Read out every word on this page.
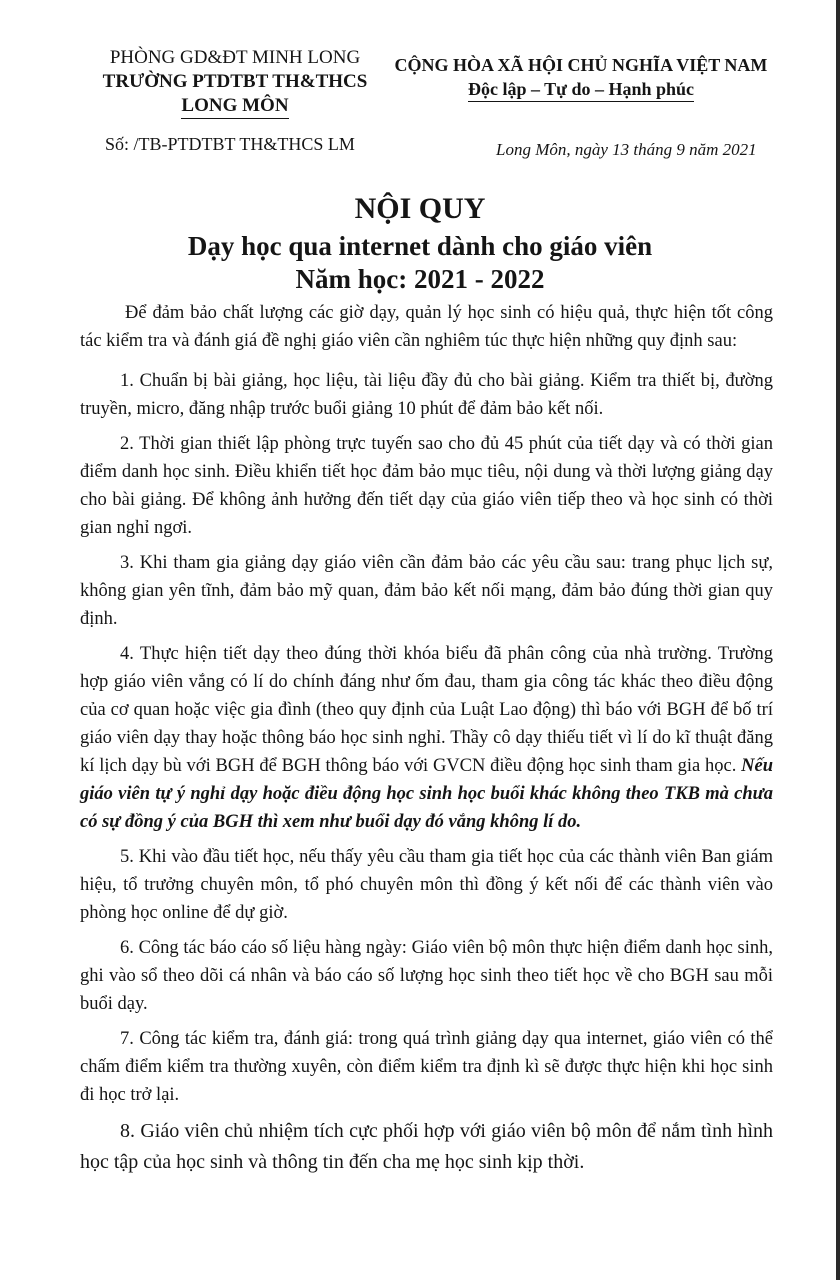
PHÒNG GD&ĐT MINH LONG
TRƯỜNG PTDTBT TH&THCS
LONG MÔN
CỘNG HÒA XÃ HỘI CHỦ NGHĨA VIỆT NAM
Độc lập – Tự do – Hạnh phúc
Số: /TB-PTDTBT TH&THCS LM	Long Môn, ngày 13 tháng 9 năm 2021
NỘI QUY
Dạy học qua internet dành cho giáo viên
Năm học: 2021 - 2022

Để đảm bảo chất lượng các giờ dạy, quản lý học sinh có hiệu quả, thực hiện tốt công tác kiểm tra và đánh giá đề nghị giáo viên cần nghiêm túc thực hiện những quy định sau:

1. Chuẩn bị bài giảng, học liệu, tài liệu đầy đủ cho bài giảng. Kiểm tra thiết bị, đường truyền, micro, đăng nhập trước buổi giảng 10 phút để đảm bảo kết nối.

2. Thời gian thiết lập phòng trực tuyến sao cho đủ 45 phút của tiết dạy và có thời gian điểm danh học sinh. Điều khiển tiết học đảm bảo mục tiêu, nội dung và thời lượng giảng dạy cho bài giảng. Để không ảnh hưởng đến tiết dạy của giáo viên tiếp theo và học sinh có thời gian nghỉ ngơi.

3. Khi tham gia giảng dạy giáo viên cần đảm bảo các yêu cầu sau: trang phục lịch sự, không gian yên tĩnh, đảm bảo mỹ quan, đảm bảo kết nối mạng, đảm bảo đúng thời gian quy định.

4. Thực hiện tiết dạy theo đúng thời khóa biểu đã phân công của nhà trường. Trường hợp giáo viên vắng có lí do chính đáng như ốm đau, tham gia công tác khác theo điều động của cơ quan hoặc việc gia đình (theo quy định của Luật Lao động) thì báo với BGH để bố trí giáo viên dạy thay hoặc thông báo học sinh nghỉ. Thầy cô dạy thiếu tiết vì lí do kĩ thuật đăng kí lịch dạy bù với BGH để BGH thông báo với GVCN điều động học sinh tham gia học. Nếu giáo viên tự ý nghỉ dạy hoặc điều động học sinh học buổi khác không theo TKB mà chưa có sự đồng ý của BGH thì xem như buổi dạy đó vắng không lí do.

5. Khi vào đầu tiết học, nếu thấy yêu cầu tham gia tiết học của các thành viên Ban giám hiệu, tổ trưởng chuyên môn, tổ phó chuyên môn thì đồng ý kết nối để các thành viên vào phòng học online để dự giờ.

6. Công tác báo cáo số liệu hàng ngày: Giáo viên bộ môn thực hiện điểm danh học sinh, ghi vào sổ theo dõi cá nhân và báo cáo số lượng học sinh theo tiết học về cho BGH sau mỗi buổi dạy.

7. Công tác kiểm tra, đánh giá: trong quá trình giảng dạy qua internet, giáo viên có thể chấm điểm kiểm tra thường xuyên, còn điểm kiểm tra định kì sẽ được thực hiện khi học sinh đi học trở lại.

8. Giáo viên chủ nhiệm tích cực phối hợp với giáo viên bộ môn để nắm tình hình học tập của học sinh và thông tin đến cha mẹ học sinh kịp thời.
